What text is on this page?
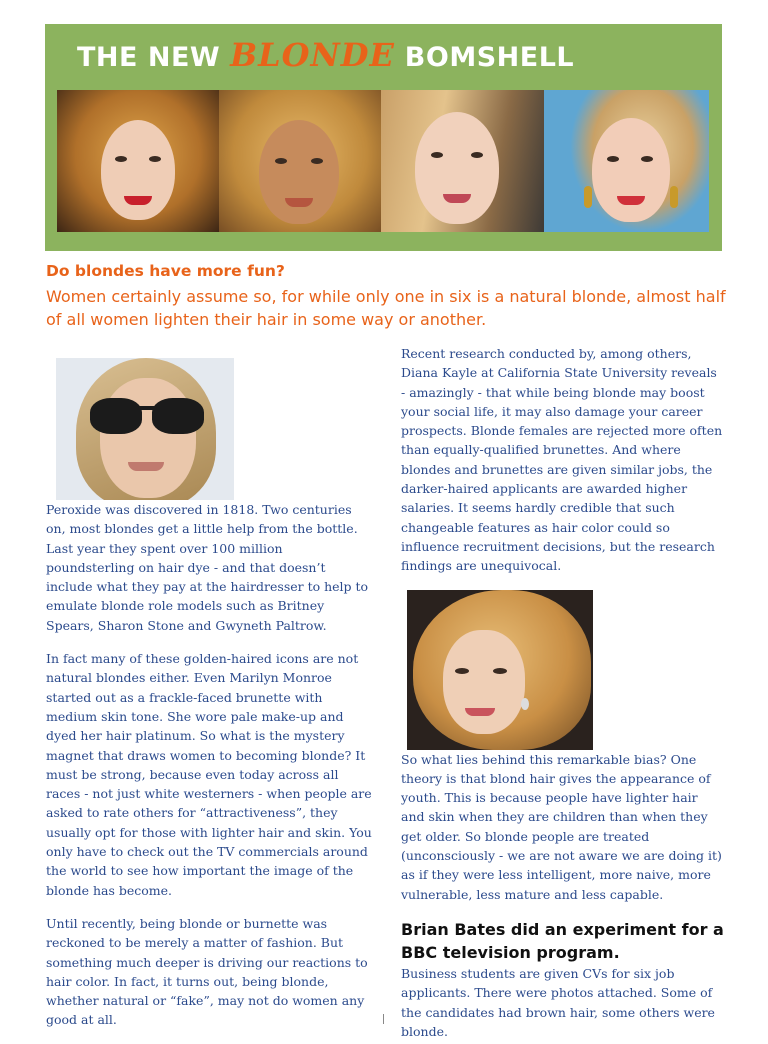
THE NEW BLONDE BOMSHELL
Do blondes have more fun?

Women certainly assume so, for while only one in six is a natural blonde, almost half of all women lighten their hair in some way or another.

Peroxide was discovered in 1818. Two centuries on, most blondes get a little help from the bottle. Last year they spent over 100 million poundsterling on hair dye - and that doesn’t include what they pay at the hairdresser to help to emulate blonde role models such as Britney Spears, Sharon Stone and Gwyneth Paltrow.

In fact many of these golden-haired icons are not natural blondes either. Even Marilyn Monroe started out as a frackle-faced brunette with medium skin tone. She wore pale make-up and dyed her hair platinum. So what is the mystery magnet that draws women to becoming blonde? It must be strong, because even today across all races - not just white westerners - when people are asked to rate others for “attractiveness”, they usually opt for those with lighter hair and skin. You only have to check out the TV commercials around the world to see how important the image of the blonde has become.

Until recently, being blonde or burnette was reckoned to be merely a matter of fashion. But something much deeper is driving our reactions to hair color. In fact, it turns out, being blonde, whether natural or “fake”, may not do women any good at all.

Recent research conducted by, among others, Diana Kayle at California State University reveals - amazingly - that while being blonde may boost your social life, it may also damage your career prospects. Blonde females are rejected more often than equally-qualified brunettes. And where blondes and brunettes are given similar jobs, the darker-haired applicants are awarded higher salaries. It seems hardly credible that such changeable features as hair color could so influence recruitment decisions, but the research findings are unequivocal.

So what lies behind this remarkable bias? One theory is that blond hair gives the appearance of youth. This is because people have lighter hair and skin when they are children than when they get older. So blonde people are treated (unconsciously - we are not aware we are doing it) as if they were less intelligent, more naive, more vulnerable, less mature and less capable.

Brian Bates did an experiment for a BBC television program.

Business students are given CVs for six job applicants. There were photos attached. Some of the candidates had brown hair, some others were blonde.
